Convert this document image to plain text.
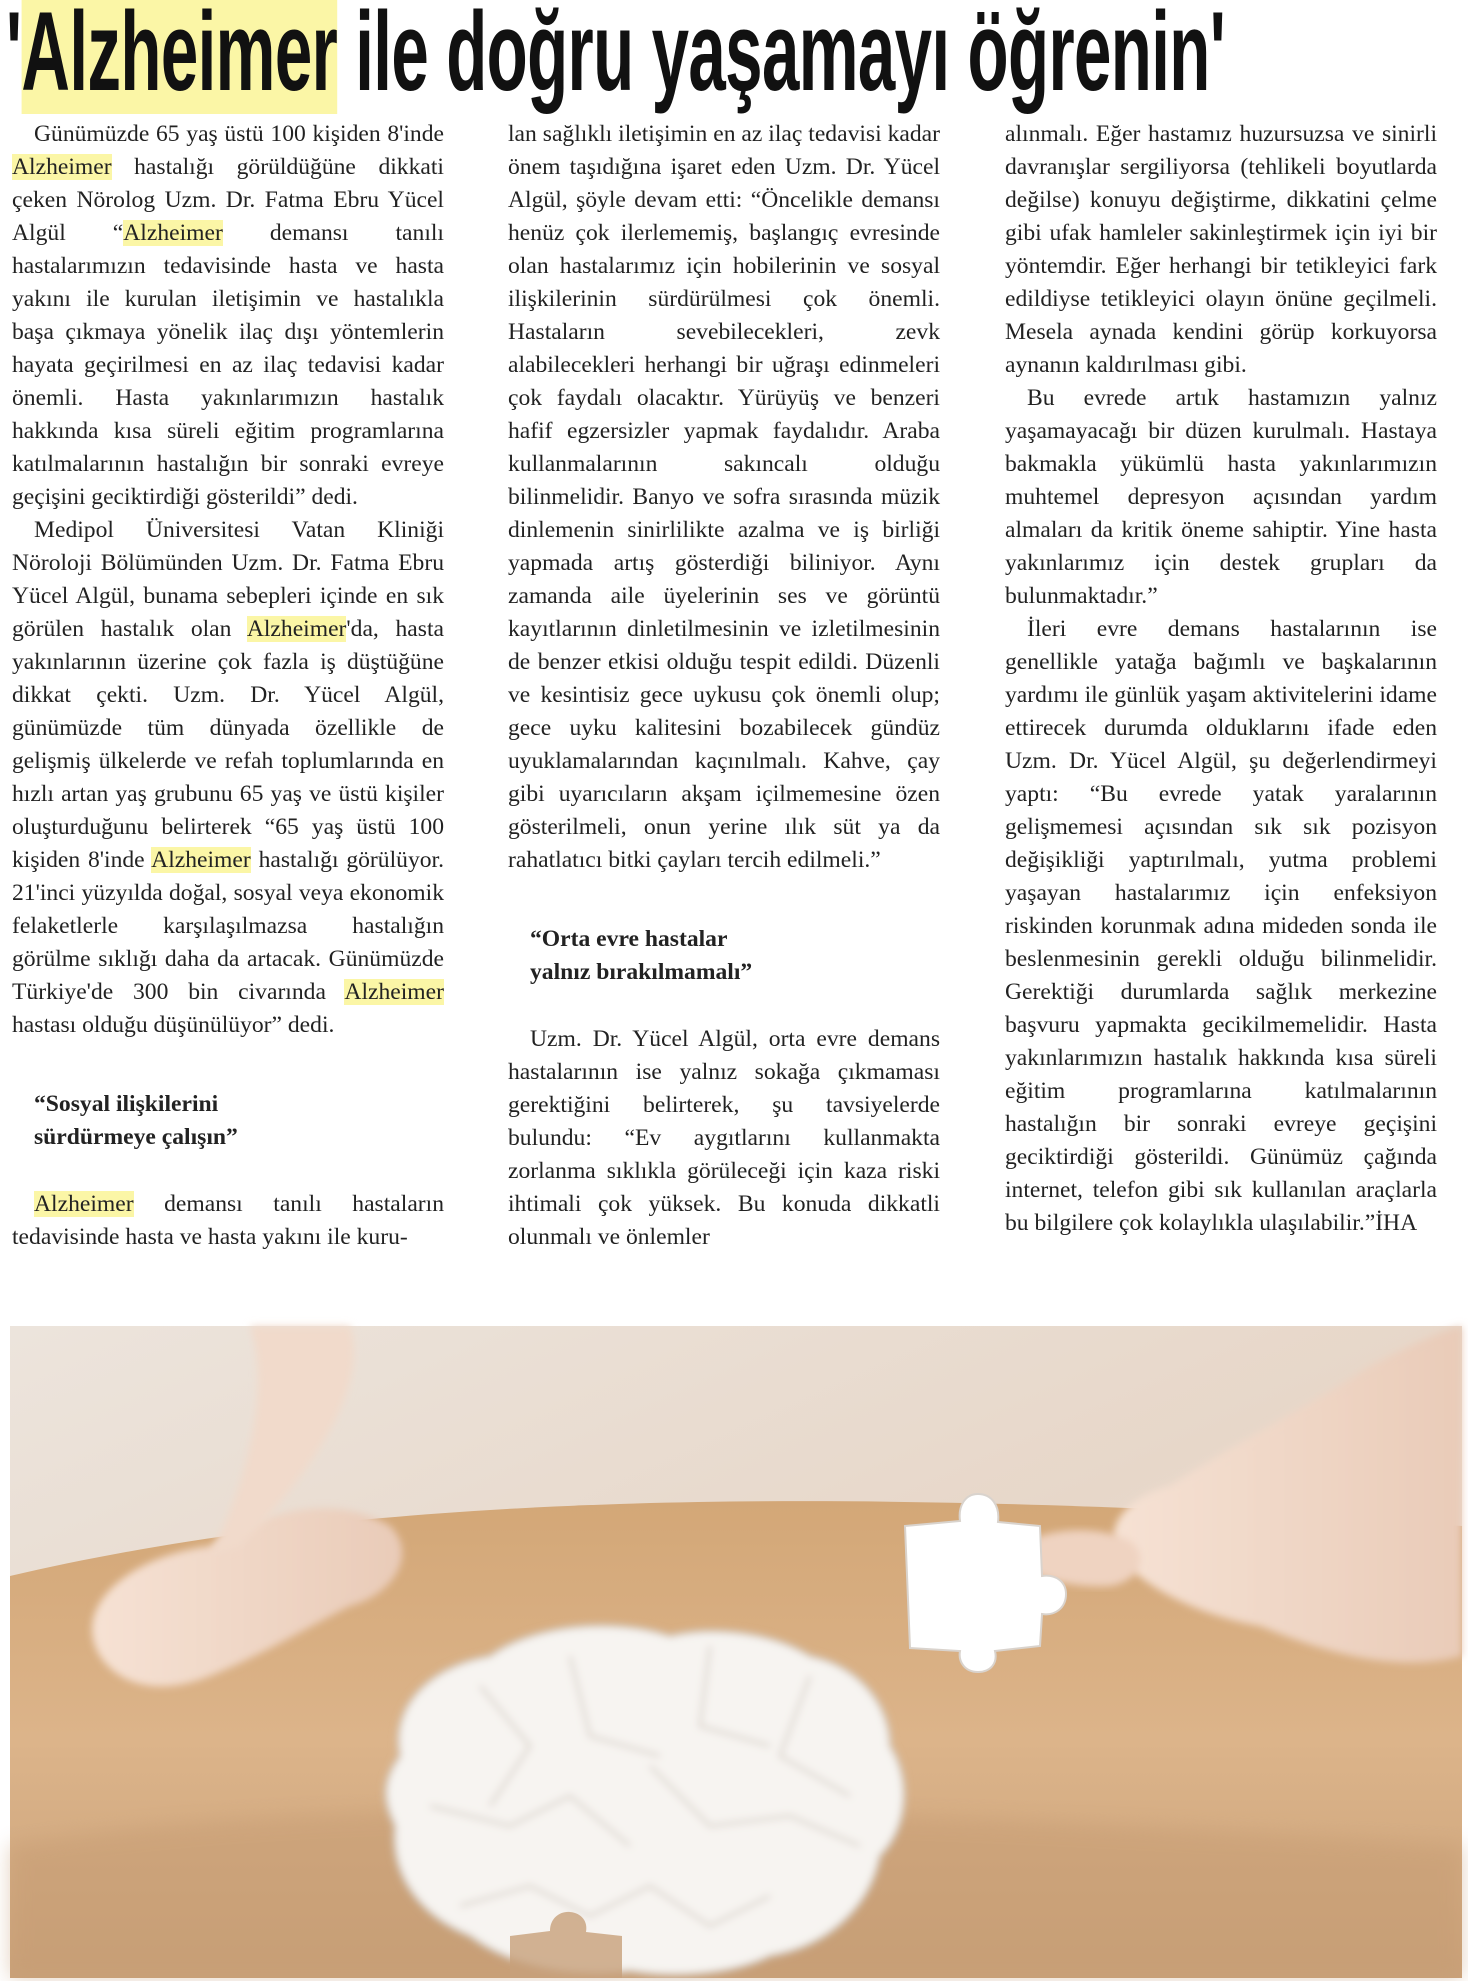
'Alzheimer ile doğru yaşamayı öğrenin'

Günümüzde 65 yaş üstü 100 kişiden 8'inde Alzheimer hastalığı görüldüğüne dikkati çeken Nörolog Uzm. Dr. Fatma Ebru Yücel Algül “Alzheimer demansı tanılı hastalarımızın tedavisinde hasta ve hasta yakını ile kurulan iletişimin ve hastalıkla başa çıkmaya yönelik ilaç dışı yöntemlerin hayata geçirilmesi en az ilaç tedavisi kadar önemli. Hasta yakınlarımızın hastalık hakkında kısa süreli eğitim programlarına katılmalarının hastalığın bir sonraki evreye geçişini geciktirdiği gösterildi” dedi.

Medipol Üniversitesi Vatan Kliniği Nöroloji Bölümünden Uzm. Dr. Fatma Ebru Yücel Algül, bunama sebepleri içinde en sık görülen hastalık olan Alzheimer'da, hasta yakınlarının üzerine çok fazla iş düştüğüne dikkat çekti. Uzm. Dr. Yücel Algül, günümüzde tüm dünyada özellikle de gelişmiş ülkelerde ve refah toplumlarında en hızlı artan yaş grubunu 65 yaş ve üstü kişiler oluşturduğunu belirterek “65 yaş üstü 100 kişiden 8'inde Alzheimer hastalığı görülüyor. 21'inci yüzyılda doğal, sosyal veya ekonomik felaketlerle karşılaşılmazsa hastalığın görülme sıklığı daha da artacak. Günümüzde Türkiye'de 300 bin civarında Alzheimer hastası olduğu düşünülüyor” dedi.

“Sosyal ilişkilerini
sürdürmeye çalışın”

Alzheimer demansı tanılı hastaların tedavisinde hasta ve hasta yakını ile kuru-

lan sağlıklı iletişimin en az ilaç tedavisi kadar önem taşıdığına işaret eden Uzm. Dr. Yücel Algül, şöyle devam etti: “Öncelikle demansı henüz çok ilerlememiş, başlangıç evresinde olan hastalarımız için hobilerinin ve sosyal ilişkilerinin sürdürülmesi çok önemli. Hastaların sevebilecekleri, zevk alabilecekleri herhangi bir uğraşı edinmeleri çok faydalı olacaktır. Yürüyüş ve benzeri hafif egzersizler yapmak faydalıdır. Araba kullanmalarının sakıncalı olduğu bilinmelidir. Banyo ve sofra sırasında müzik dinlemenin sinirlilikte azalma ve iş birliği yapmada artış gösterdiği biliniyor. Aynı zamanda aile üyelerinin ses ve görüntü kayıtlarının dinletilmesinin ve izletilmesinin de benzer etkisi olduğu tespit edildi. Düzenli ve kesintisiz gece uykusu çok önemli olup; gece uyku kalitesini bozabilecek gündüz uyuklamalarından kaçınılmalı. Kahve, çay gibi uyarıcıların akşam içilmemesine özen gösterilmeli, onun yerine ılık süt ya da rahatlatıcı bitki çayları tercih edilmeli.”

“Orta evre hastalar
yalnız bırakılmamalı”

Uzm. Dr. Yücel Algül, orta evre demans hastalarının ise yalnız sokağa çıkmaması gerektiğini belirterek, şu tavsiyelerde bulundu: “Ev aygıtlarını kullanmakta zorlanma sıklıkla görüleceği için kaza riski ihtimali çok yüksek. Bu konuda dikkatli olunmalı ve önlemler

alınmalı. Eğer hastamız huzursuzsa ve sinirli davranışlar sergiliyorsa (tehlikeli boyutlarda değilse) konuyu değiştirme, dikkatini çelme gibi ufak hamleler sakinleştirmek için iyi bir yöntemdir. Eğer herhangi bir tetikleyici fark edildiyse tetikleyici olayın önüne geçilmeli. Mesela aynada kendini görüp korkuyorsa aynanın kaldırılması gibi.

Bu evrede artık hastamızın yalnız yaşamayacağı bir düzen kurulmalı. Hastaya bakmakla yükümlü hasta yakınlarımızın muhtemel depresyon açısından yardım almaları da kritik öneme sahiptir. Yine hasta yakınlarımız için destek grupları da bulunmaktadır.”

İleri evre demans hastalarının ise genellikle yatağa bağımlı ve başkalarının yardımı ile günlük yaşam aktivitelerini idame ettirecek durumda olduklarını ifade eden Uzm. Dr. Yücel Algül, şu değerlendirmeyi yaptı: “Bu evrede yatak yaralarının gelişmemesi açısından sık sık pozisyon değişikliği yaptırılmalı, yutma problemi yaşayan hastalarımız için enfeksiyon riskinden korunmak adına mideden sonda ile beslenmesinin gerekli olduğu bilinmelidir. Gerektiği durumlarda sağlık merkezine başvuru yapmakta gecikilmemelidir. Hasta yakınlarımızın hastalık hakkında kısa süreli eğitim programlarına katılmalarının hastalığın bir sonraki evreye geçişini geciktirdiği gösterildi. Günümüz çağında internet, telefon gibi sık kullanılan araçlarla bu bilgilere çok kolaylıkla ulaşılabilir.”İHA
